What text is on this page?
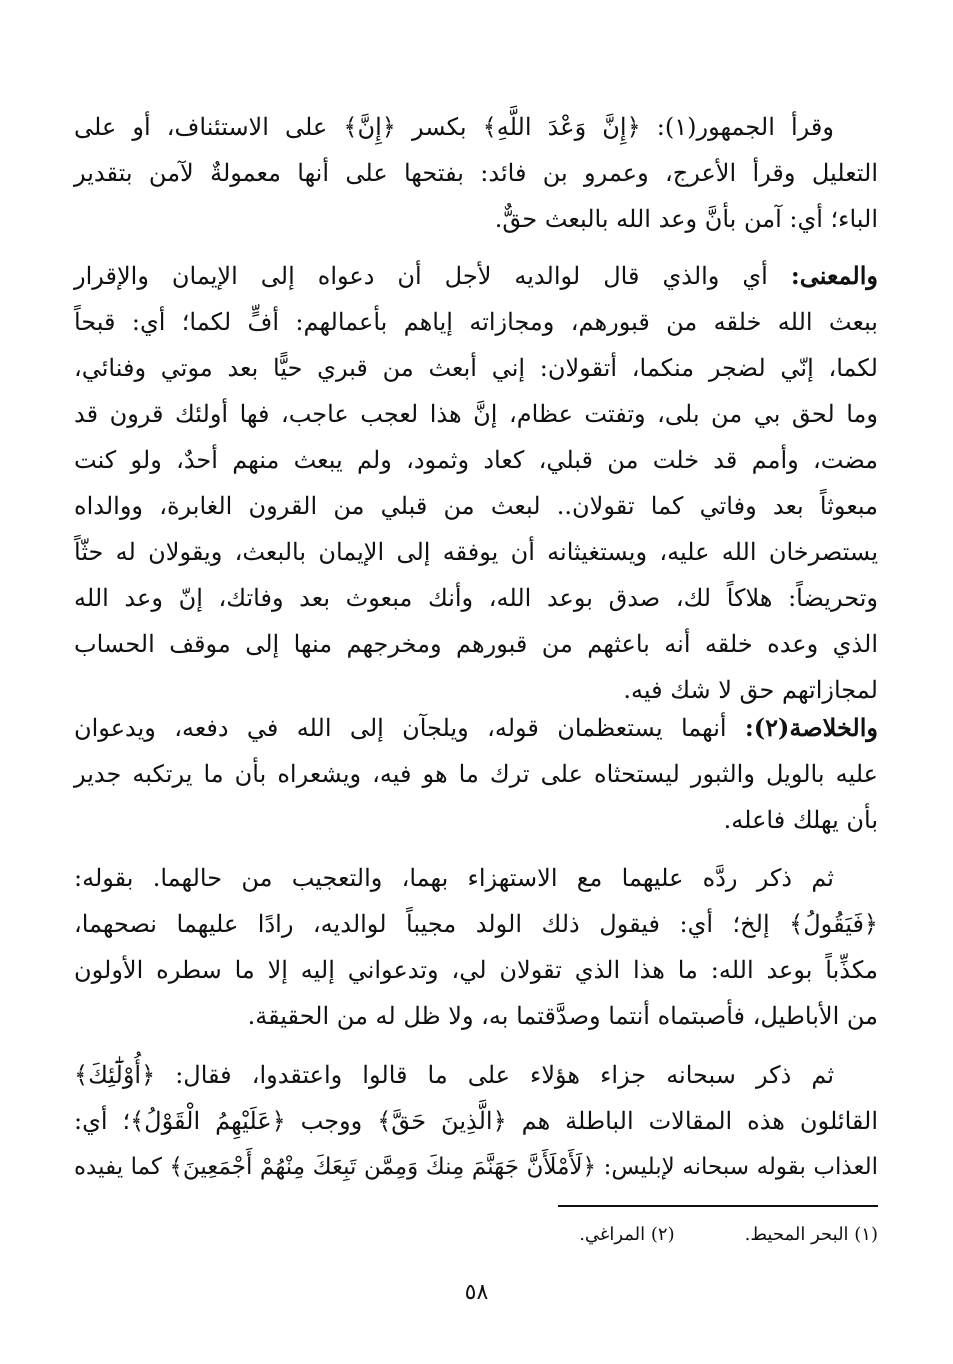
وقرأ الجمهور(١): ﴿إِنَّ وَعْدَ اللَّهِ﴾ بكسر ﴿إِنَّ﴾ على الاستئناف، أو على
التعليل وقرأ الأعرج، وعمرو بن فائد: بفتحها على أنها معمولةٌ لآمن بتقدير
الباء؛ أي: آمن بأنَّ وعد الله بالبعث حقٌّ.
والمعنى: أي والذي قال لوالديه لأجل أن دعواه إلى الإيمان والإقرار
ببعث الله خلقه من قبورهم، ومجازاته إياهم بأعمالهم: أفٍّ لكما؛ أي: قبحاً
لكما، إنّي لضجر منكما، أتقولان: إني أبعث من قبري حيًّا بعد موتي وفنائي،
وما لحق بي من بلى، وتفتت عظام، إنَّ هذا لعجب عاجب، فها أولئك قرون قد
مضت، وأمم قد خلت من قبلي، كعاد وثمود، ولم يبعث منهم أحدٌ، ولو كنت
مبعوثاً بعد وفاتي كما تقولان.. لبعث من قبلي من القرون الغابرة، ووالداه
يستصرخان الله عليه، ويستغيثانه أن يوفقه إلى الإيمان بالبعث، ويقولان له حثّاً
وتحريضاً: هلاكاً لك، صدق بوعد الله، وأنك مبعوث بعد وفاتك، إنّ وعد الله
الذي وعده خلقه أنه باعثهم من قبورهم ومخرجهم منها إلى موقف الحساب
لمجازاتهم حق لا شك فيه.
والخلاصة(٢): أنهما يستعظمان قوله، ويلجآن إلى الله في دفعه، ويدعوان
عليه بالويل والثبور ليستحثاه على ترك ما هو فيه، ويشعراه بأن ما يرتكبه جدير
بأن يهلك فاعله.
ثم ذكر ردَّه عليهما مع الاستهزاء بهما، والتعجيب من حالهما. بقوله:
﴿فَيَقُولُ﴾ إلخ؛ أي: فيقول ذلك الولد مجيباً لوالديه، رادًا عليهما نصحهما،
مكذِّباً بوعد الله: ما هذا الذي تقولان لي، وتدعواني إليه إلا ما سطره الأولون
من الأباطيل، فأصبتماه أنتما وصدَّقتما به، ولا ظل له من الحقيقة.
ثم ذكر سبحانه جزاء هؤلاء على ما قالوا واعتقدوا، فقال: ﴿أُوْلَٰٓئِكَ﴾
القائلون هذه المقالات الباطلة هم ﴿الَّذِينَ حَقَّ﴾ ووجب ﴿عَلَيْهِمُ الْقَوْلُ﴾؛ أي:
العذاب بقوله سبحانه لإبليس: ﴿لَأَمْلَأَنَّ جَهَنَّمَ مِنكَ وَمِمَّن تَبِعَكَ مِنْهُمْ أَجْمَعِينَ﴾ كما يفيده
(١) البحر المحيط.(٢) المراغي.
٥٨
